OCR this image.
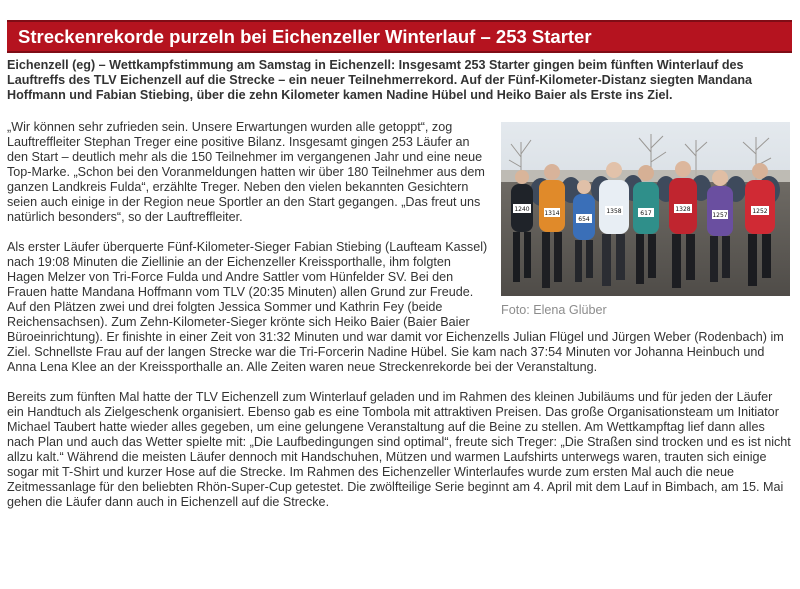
Streckenrekorde purzeln bei Eichenzeller Winterlauf – 253 Starter

Eichenzell (eg) – Wettkampfstimmung am Samstag in Eichenzell: Insgesamt 253 Starter gingen beim fünften Winterlauf des Lauftreffs des TLV Eichenzell auf die Strecke – ein neuer Teilnehmerrekord. Auf der Fünf-Kilometer-Distanz siegten Mandana Hoffmann und Fabian Stiebing, über die zehn Kilometer kamen Nadine Hübel und Heiko Baier als Erste ins Ziel.

1314	1358
654
617
1328
1257
1252
1240
Foto: Elena Glüber

„Wir können sehr zufrieden sein. Unsere Erwartungen wurden alle getoppt“, zog Lauftreffleiter Stephan Treger eine positive Bilanz. Insgesamt gingen 253 Läufer an den Start – deutlich mehr als die 150 Teilnehmer im vergangenen Jahr und eine neue Top-Marke. „Schon bei den Voranmeldungen hatten wir über 180 Teilnehmer aus dem ganzen Landkreis Fulda“, erzählte Treger. Neben den vielen bekannten Gesichtern seien auch einige in der Region neue Sportler an den Start gegangen. „Das freut uns natürlich besonders“, so der Lauftreffleiter.

Als erster Läufer überquerte Fünf-Kilometer-Sieger Fabian Stiebing (Laufteam Kassel) nach 19:08 Minuten die Ziellinie an der Eichenzeller Kreissporthalle, ihm folgten Hagen Melzer von Tri-Force Fulda und Andre Sattler vom Hünfelder SV. Bei den Frauen hatte Mandana Hoffmann vom TLV (20:35 Minuten) allen Grund zur Freude. Auf den Plätzen zwei und drei folgten Jessica Sommer und Kathrin Fey (beide Reichensachsen). Zum Zehn-Kilometer-Sieger krönte sich Heiko Baier (Baier Baier Büroeinrichtung). Er finishte in einer Zeit von 31:32 Minuten und war damit vor Eichenzells Julian Flügel und Jürgen Weber (Rodenbach) im Ziel. Schnellste Frau auf der langen Strecke war die Tri-Forcerin Nadine Hübel. Sie kam nach 37:54 Minuten vor Johanna Heinbuch und Anna Lena Klee an der Kreissporthalle an. Alle Zeiten waren neue Streckenrekorde bei der Veranstaltung.

Bereits zum fünften Mal hatte der TLV Eichenzell zum Winterlauf geladen und im Rahmen des kleinen Jubiläums und für jeden der Läufer ein Handtuch als Zielgeschenk organisiert. Ebenso gab es eine Tombola mit attraktiven Preisen. Das große Organisationsteam um Initiator Michael Taubert hatte wieder alles gegeben, um eine gelungene Veranstaltung auf die Beine zu stellen. Am Wettkampftag lief dann alles nach Plan und auch das Wetter spielte mit: „Die Laufbedingungen sind optimal“, freute sich Treger: „Die Straßen sind trocken und es ist nicht allzu kalt.“ Während die meisten Läufer dennoch mit Handschuhen, Mützen und warmen Laufshirts unterwegs waren, trauten sich einige sogar mit T-Shirt und kurzer Hose auf die Strecke. Im Rahmen des Eichenzeller Winterlaufes wurde zum ersten Mal auch die neue Zeitmessanlage für den beliebten Rhön-Super-Cup getestet. Die zwölfteilige Serie beginnt am 4. April mit dem Lauf in Bimbach, am 15. Mai gehen die Läufer dann auch in Eichenzell auf die Strecke.
